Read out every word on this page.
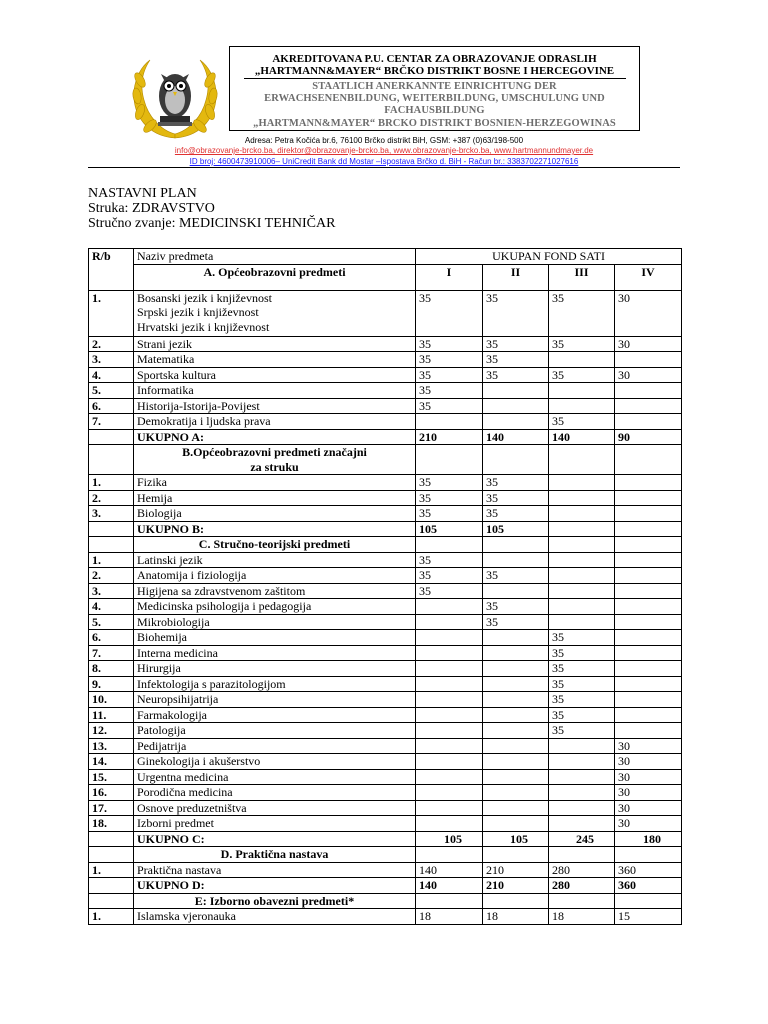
AKREDITOVANA P.U. CENTAR ZA OBRAZOVANJE ODRASLIH
„HARTMANN&MAYER“ BRČKO DISTRIKT BOSNE I HERCEGOVINE
STAATLICH ANERKANNTE EINRICHTUNG DER
ERWACHSENENBILDUNG, WEITERBILDUNG, UMSCHULUNG UND
FACHAUSBILDUNG
„HARTMANN&MAYER“ BRCKO DISTRIKT BOSNIEN-HERZEGOWINAS
Adresa: Petra Kočića br.6, 76100 Brčko distrikt BiH, GSM: +387 (0)63/198-500
info@obrazovanje-brcko.ba, direktor@obrazovanje-brcko.ba, www.obrazovanje-brcko.ba, www.hartmannundmayer.de
ID broj: 4600473910006– UniCredit Bank dd Mostar –Ispostava Brčko d. BiH - Račun br.: 3383702271027616
NASTAVNI PLAN
Struka: ZDRAVSTVO
Stručno zvanje: MEDICINSKI TEHNIČAR
R/b	Naziv predmeta	UKUPAN FOND SATI			
	A. Općeobrazovni predmeti	I	II	III	IV
1.	Bosanski jezik i književnost
Srpski jezik i književnost
Hrvatski jezik i književnost	35	35	35	30
2.	Strani jezik	35	35	35	30
3.	Matematika	35	35		
4.	Sportska kultura	35	35	35	30
5.	Informatika	35			
6.	Historija-Istorija-Povijest	35			
7.	Demokratija i ljudska prava			35	
	UKUPNO A:	210	140	140	90
	B.Općeobrazovni predmeti značajni
za struku				
1.	Fizika	35	35		
2.	Hemija	35	35		
3.	Biologija	35	35		
	UKUPNO B:	105	105		
	C. Stručno-teorijski predmeti				
1.	Latinski jezik	35			
2.	Anatomija i fiziologija	35	35		
3.	Higijena sa zdravstvenom zaštitom	35			
4.	Medicinska psihologija i pedagogija		35		
5.	Mikrobiologija		35		
6.	Biohemija			35	
7.	Interna medicina			35	
8.	Hirurgija			35	
9.	Infektologija s parazitologijom			35	
10.	Neuropsihijatrija			35	
11.	Farmakologija			35	
12.	Patologija			35	
13.	Pedijatrija				30
14.	Ginekologija i akušerstvo				30
15.	Urgentna medicina				30
16.	Porodična medicina				30
17.	Osnove preduzetništva				30
18.	Izborni predmet				30
	UKUPNO C:	105	105	245	180
	D. Praktična nastava				
1.	Praktična nastava	140	210	280	360
	UKUPNO D:	140	210	280	360
	E: Izborno obavezni predmeti*				
1.	Islamska vjeronauka	18	18	18	15
